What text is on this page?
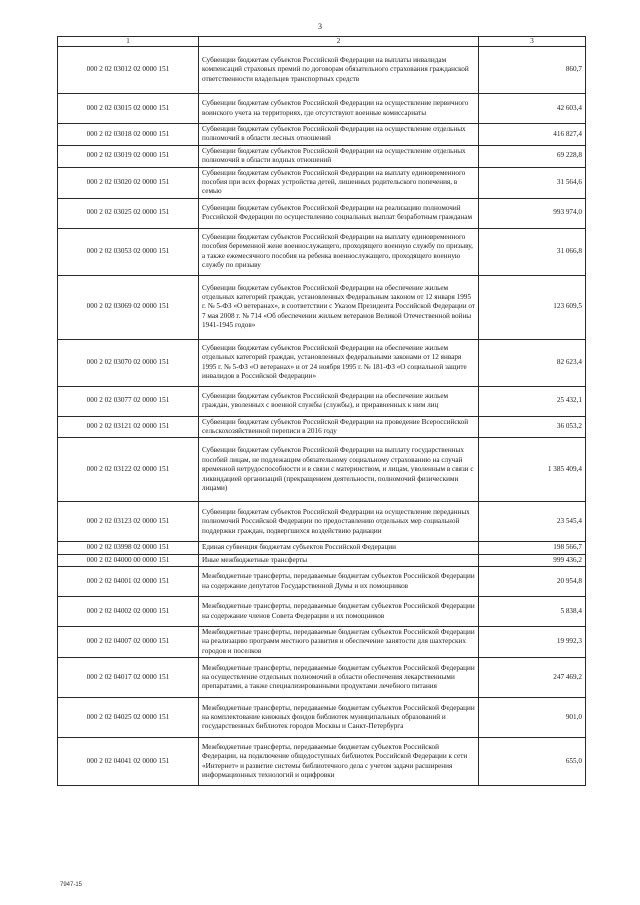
3
1	2	3
000 2 02 03012 02 0000 151	Субвенции бюджетам субъектов Российской Федерации на выплаты инвалидам компенсаций страховых премий по договорам обязательного страхования гражданской ответственности владельцев транспортных средств	860,7
000 2 02 03015 02 0000 151	Субвенции бюджетам субъектов Российской Федерации на осуществление первичного воинского учета на территориях, где отсутствуют военные комиссариаты	42 603,4
000 2 02 03018 02 0000 151	Субвенции бюджетам субъектов Российской Федерации на осуществление отдельных полномочий в области лесных отношений	416 827,4
000 2 02 03019 02 0000 151	Субвенции бюджетам субъектов Российской Федерации на осуществление отдельных полномочий в области водных отношений	69 228,8
000 2 02 03020 02 0000 151	Субвенции бюджетам субъектов Российской Федерации на выплату единовременного пособия при всех формах устройства детей, лишенных родительского попечения, в семью	31 564,6
000 2 02 03025 02 0000 151	Субвенции бюджетам субъектов Российской Федерации на реализацию полномочий Российской Федерации по осуществлению социальных выплат безработным гражданам	993 974,0
000 2 02 03053 02 0000 151	Субвенции бюджетам субъектов Российской Федерации на выплату единовременного пособия беременной жене военнослужащего, проходящего военную службу по призыву, а также ежемесячного пособия на ребенка военнослужащего, проходящего военную службу по призыву	31 066,8
000 2 02 03069 02 0000 151	Субвенции бюджетам субъектов Российской Федерации на обеспечение жильем отдельных категорий граждан, установленных Федеральным законом от 12 января 1995 г. № 5-ФЗ «О ветеранах», в соответствии с Указом Президента Российской Федерации от 7 мая 2008 г. № 714 «Об обеспечении жильем ветеранов Великой Отечественной войны 1941-1945 годов»	123 609,5
000 2 02 03070 02 0000 151	Субвенции бюджетам субъектов Российской Федерации на обеспечение жильем отдельных категорий граждан, установленных федеральными законами от 12 января 1995 г. № 5-ФЗ «О ветеранах» и от 24 ноября 1995 г. № 181-ФЗ «О социальной защите инвалидов в Российской Федерации»	82 623,4
000 2 02 03077 02 0000 151	Субвенции бюджетам субъектов Российской Федерации на обеспечение жильем граждан, уволенных с военной службы (службы), и приравненных к ним лиц	25 432,1
000 2 02 03121 02 0000 151	Субвенции бюджетам субъектов Российской Федерации на проведение Всероссийской сельскохозяйственной переписи в 2016 году	36 053,2
000 2 02 03122 02 0000 151	Субвенции бюджетам субъектов Российской Федерации на выплату государственных пособий лицам, не подлежащим обязательному социальному страхованию на случай временной нетрудоспособности и в связи с материнством, и лицам, уволенным в связи с ликвидацией организаций (прекращением деятельности, полномочий физическими лицами)	1 385 409,4
000 2 02 03123 02 0000 151	Субвенции бюджетам субъектов Российской Федерации на осуществление переданных полномочий Российской Федерации по предоставлению отдельных мер социальной поддержки граждан, подвергшихся воздействию радиации	23 545,4
000 2 02 03998 02 0000 151	Единая субвенция бюджетам субъектов Российской Федерации	198 566,7
000 2 02 04000 00 0000 151	Иные межбюджетные трансферты	999 436,2
000 2 02 04001 02 0000 151	Межбюджетные трансферты, передаваемые бюджетам субъектов Российской Федерации на содержание депутатов Государственной Думы и их помощников	20 954,8
000 2 02 04002 02 0000 151	Межбюджетные трансферты, передаваемые бюджетам субъектов Российской Федерации на содержание членов Совета Федерации и их помощников	5 838,4
000 2 02 04007 02 0000 151	Межбюджетные трансферты, передаваемые бюджетам субъектов Российской Федерации на реализацию программ местного развития и обеспечение занятости для шахтерских городов и поселков	19 992,3
000 2 02 04017 02 0000 151	Межбюджетные трансферты, передаваемые бюджетам субъектов Российской Федерации на осуществление отдельных полномочий в области обеспечения лекарственными препаратами, а также специализированными продуктами лечебного питания	247 469,2
000 2 02 04025 02 0000 151	Межбюджетные трансферты, передаваемые бюджетам субъектов Российской Федерации на комплектование книжных фондов библиотек муниципальных образований и государственных библиотек городов Москвы и Санкт-Петербурга	901,0
000 2 02 04041 02 0000 151	Межбюджетные трансферты, передаваемые бюджетам субъектов Российской Федерации, на подключение общедоступных библиотек Российской Федерации к сети «Интернет» и развитие системы библиотечного дела с учетом задачи расширения информационных технологий и оцифровки	655,0
7947-15
